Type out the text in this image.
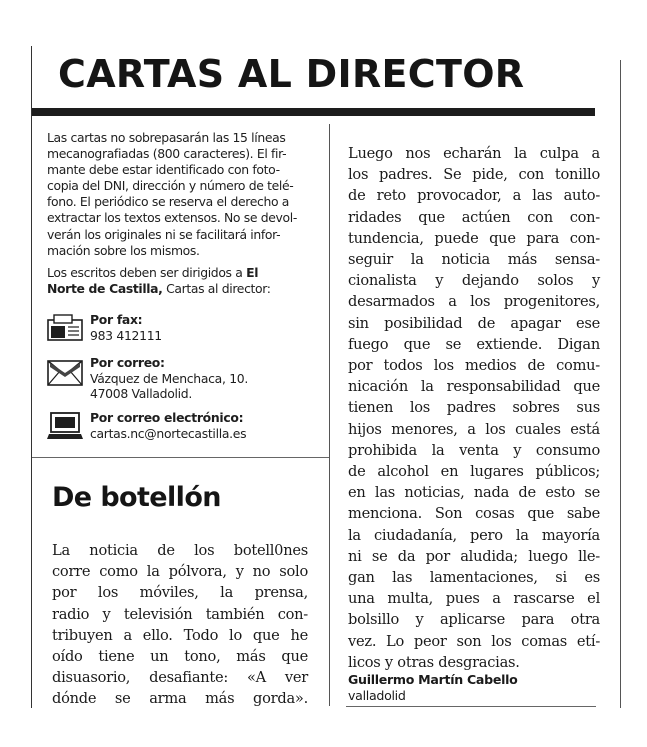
CARTAS AL DIRECTOR
Las cartas no sobrepasarán las 15 líneas
mecanografiadas (800 caracteres). El fir-
mante debe estar identificado con foto-
copia del DNI, dirección y número de telé-
fono. El periódico se reserva el derecho a
extractar los textos extensos. No se devol-
verán los originales ni se facilitará infor-
mación sobre los mismos.
Los escritos deben ser dirigidos a El
Norte de Castilla, Cartas al director:
Por fax:
983 412111
Por correo:
Vázquez de Menchaca, 10.
47008 Valladolid.
Por correo electrónico:
cartas.nc@nortecastilla.es
De botellón
La noticia de los botell0nes
corre como la pólvora, y no solo
por los móviles, la prensa,
radio y televisión también con-
tribuyen a ello. Todo lo que he
oído tiene un tono, más que
disuasorio, desafiante: «A ver
dónde se arma más gorda».
Luego nos echarán la culpa a
los padres. Se pide, con tonillo
de reto provocador, a las auto-
ridades que actúen con con-
tundencia, puede que para con-
seguir la noticia más sensa-
cionalista y dejando solos y
desarmados a los progenitores,
sin posibilidad de apagar ese
fuego que se extiende. Digan
por todos los medios de comu-
nicación la responsabilidad que
tienen los padres sobres sus
hijos menores, a los cuales está
prohibida la venta y consumo
de alcohol en lugares públicos;
en las noticias, nada de esto se
menciona. Son cosas que sabe
la ciudadanía, pero la mayoría
ni se da por aludida; luego lle-
gan las lamentaciones, si es
una multa, pues a rascarse el
bolsillo y aplicarse para otra
vez. Lo peor son los comas etí-
licos y otras desgracias.
Guillermo Martín Cabello
valladolid
